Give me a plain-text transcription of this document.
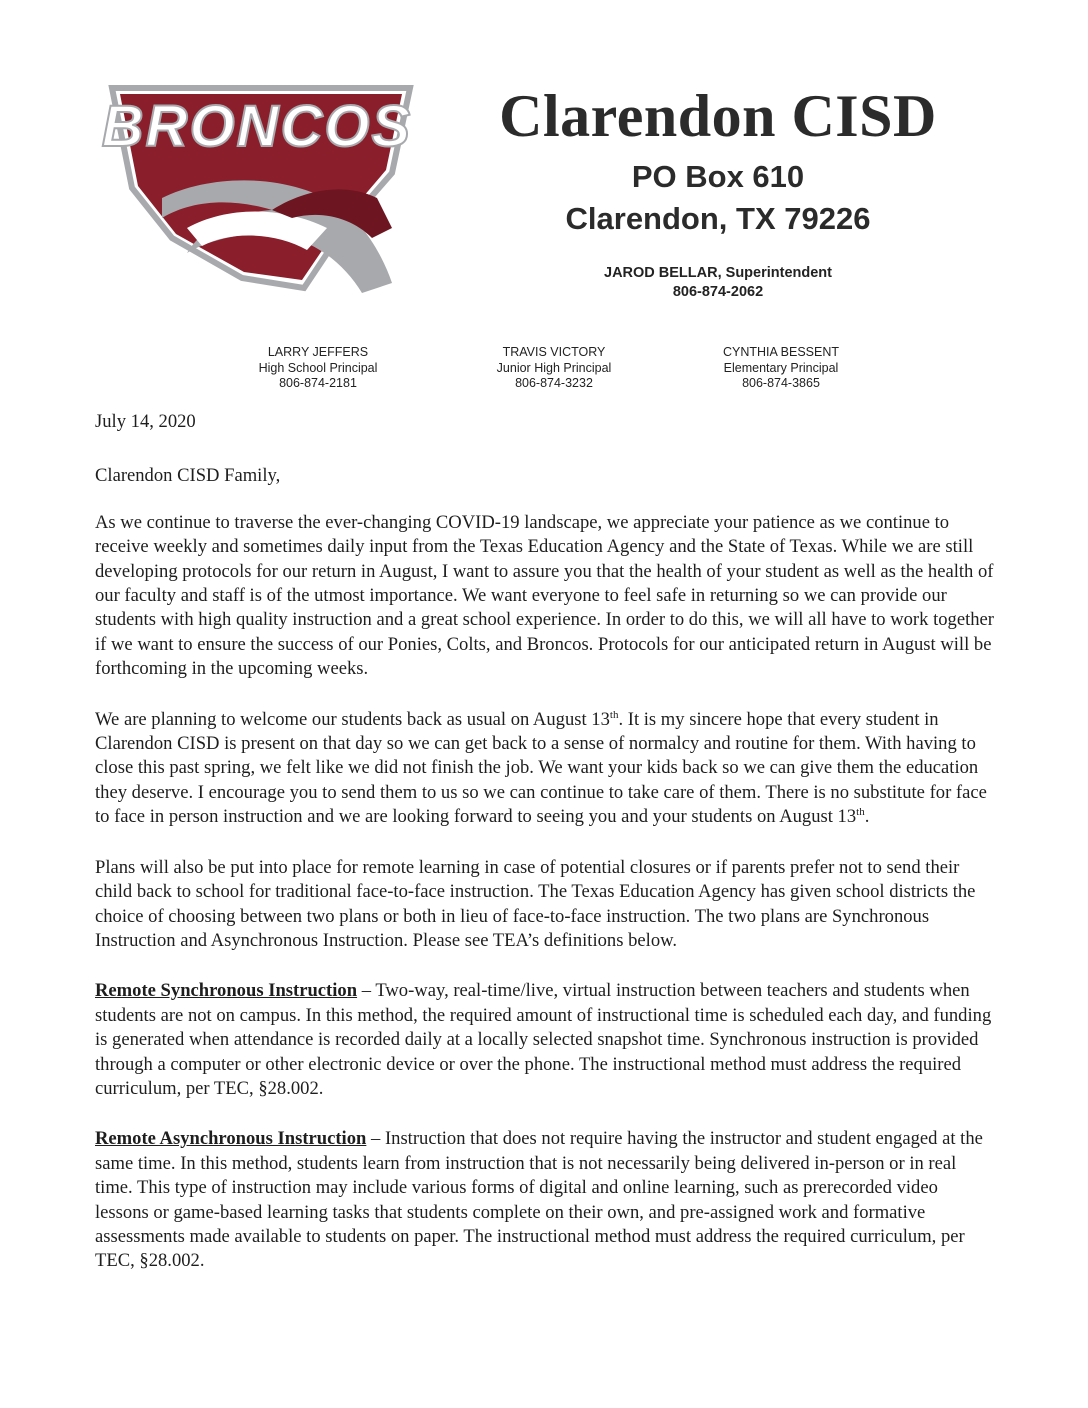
BRONCOS	Clarendon CISD
PO Box 610
Clarendon, TX 79226
JAROD BELLAR, Superintendent
806-874-2062
LARRY JEFFERS
High School Principal
806-874-2181
TRAVIS VICTORY
Junior High Principal
806-874-3232
CYNTHIA BESSENT
Elementary Principal
806-874-3865

July 14, 2020

Clarendon CISD Family,

As we continue to traverse the ever-changing COVID-19 landscape, we appreciate your patience as we continue to receive weekly and sometimes daily input from the Texas Education Agency and the State of Texas. While we are still developing protocols for our return in August, I want to assure you that the health of your student as well as the health of our faculty and staff is of the utmost importance. We want everyone to feel safe in returning so we can provide our students with high quality instruction and a great school experience. In order to do this, we will all have to work together if we want to ensure the success of our Ponies, Colts, and Broncos. Protocols for our anticipated return in August will be forthcoming in the upcoming weeks.

We are planning to welcome our students back as usual on August 13th. It is my sincere hope that every student in Clarendon CISD is present on that day so we can get back to a sense of normalcy and routine for them. With having to close this past spring, we felt like we did not finish the job. We want your kids back so we can give them the education they deserve. I encourage you to send them to us so we can continue to take care of them. There is no substitute for face to face in person instruction and we are looking forward to seeing you and your students on August 13th.

Plans will also be put into place for remote learning in case of potential closures or if parents prefer not to send their child back to school for traditional face-to-face instruction. The Texas Education Agency has given school districts the choice of choosing between two plans or both in lieu of face-to-face instruction. The two plans are Synchronous Instruction and Asynchronous Instruction. Please see TEA’s definitions below.

Remote Synchronous Instruction – Two-way, real-time/live, virtual instruction between teachers and students when students are not on campus. In this method, the required amount of instructional time is scheduled each day, and funding is generated when attendance is recorded daily at a locally selected snapshot time. Synchronous instruction is provided through a computer or other electronic device or over the phone. The instructional method must address the required curriculum, per TEC, §28.002.

Remote Asynchronous Instruction – Instruction that does not require having the instructor and student engaged at the same time. In this method, students learn from instruction that is not necessarily being delivered in-person or in real time. This type of instruction may include various forms of digital and online learning, such as prerecorded video lessons or game-based learning tasks that students complete on their own, and pre-assigned work and formative assessments made available to students on paper. The instructional method must address the required curriculum, per TEC, §28.002.
